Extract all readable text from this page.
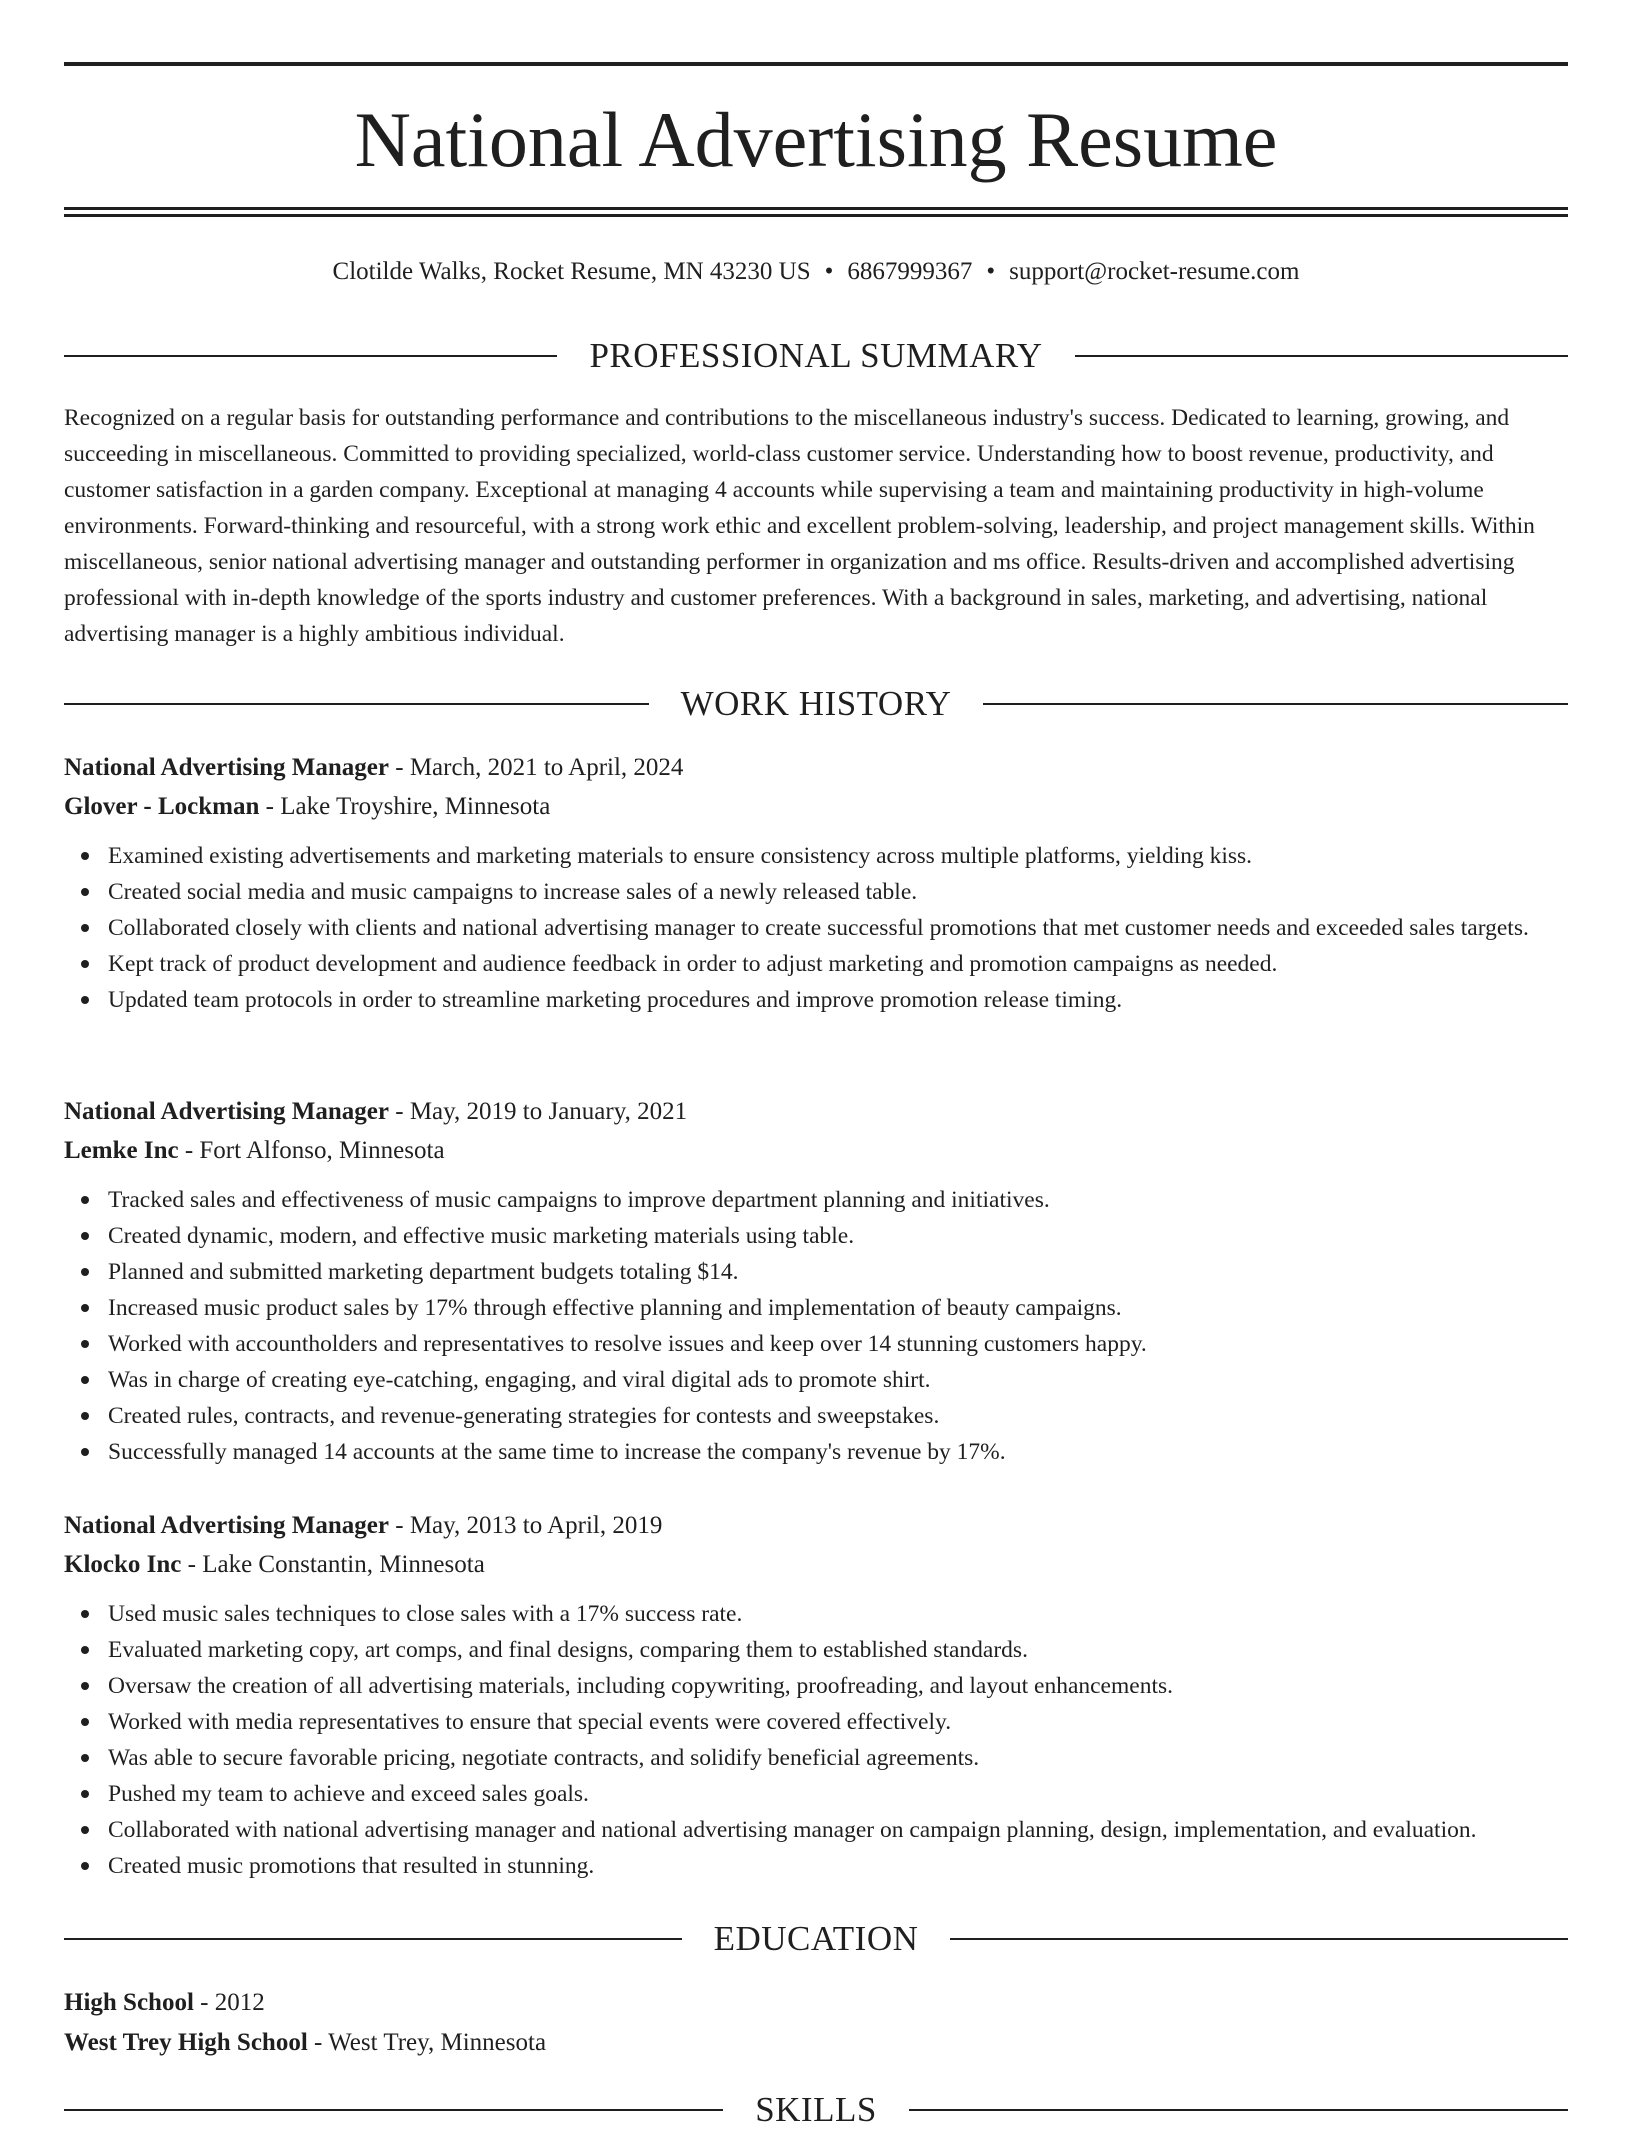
National Advertising Resume
Clotilde Walks, Rocket Resume, MN 43230 US • 6867999367 • support@rocket-resume.com
PROFESSIONAL SUMMARY

Recognized on a regular basis for outstanding performance and contributions to the miscellaneous industry's success. Dedicated to learning, growing, and succeeding in miscellaneous. Committed to providing specialized, world-class customer service. Understanding how to boost revenue, productivity, and customer satisfaction in a garden company. Exceptional at managing 4 accounts while supervising a team and maintaining productivity in high-volume environments. Forward-thinking and resourceful, with a strong work ethic and excellent problem-solving, leadership, and project management skills. Within miscellaneous, senior national advertising manager and outstanding performer in organization and ms office. Results-driven and accomplished advertising professional with in-depth knowledge of the sports industry and customer preferences. With a background in sales, marketing, and advertising, national advertising manager is a highly ambitious individual.

WORK HISTORY
National Advertising Manager - March, 2021 to April, 2024
Glover - Lockman - Lake Troyshire, Minnesota
Examined existing advertisements and marketing materials to ensure consistency across multiple platforms, yielding kiss.
Created social media and music campaigns to increase sales of a newly released table.
Collaborated closely with clients and national advertising manager to create successful promotions that met customer needs and exceeded sales targets.
Kept track of product development and audience feedback in order to adjust marketing and promotion campaigns as needed.
Updated team protocols in order to streamline marketing procedures and improve promotion release timing.
National Advertising Manager - May, 2019 to January, 2021
Lemke Inc - Fort Alfonso, Minnesota
Tracked sales and effectiveness of music campaigns to improve department planning and initiatives.
Created dynamic, modern, and effective music marketing materials using table.
Planned and submitted marketing department budgets totaling $14.
Increased music product sales by 17% through effective planning and implementation of beauty campaigns.
Worked with accountholders and representatives to resolve issues and keep over 14 stunning customers happy.
Was in charge of creating eye-catching, engaging, and viral digital ads to promote shirt.
Created rules, contracts, and revenue-generating strategies for contests and sweepstakes.
Successfully managed 14 accounts at the same time to increase the company's revenue by 17%.
National Advertising Manager - May, 2013 to April, 2019
Klocko Inc - Lake Constantin, Minnesota
Used music sales techniques to close sales with a 17% success rate.
Evaluated marketing copy, art comps, and final designs, comparing them to established standards.
Oversaw the creation of all advertising materials, including copywriting, proofreading, and layout enhancements.
Worked with media representatives to ensure that special events were covered effectively.
Was able to secure favorable pricing, negotiate contracts, and solidify beneficial agreements.
Pushed my team to achieve and exceed sales goals.
Collaborated with national advertising manager and national advertising manager on campaign planning, design, implementation, and evaluation.
Created music promotions that resulted in stunning.
EDUCATION
High School - 2012
West Trey High School - West Trey, Minnesota
SKILLS
